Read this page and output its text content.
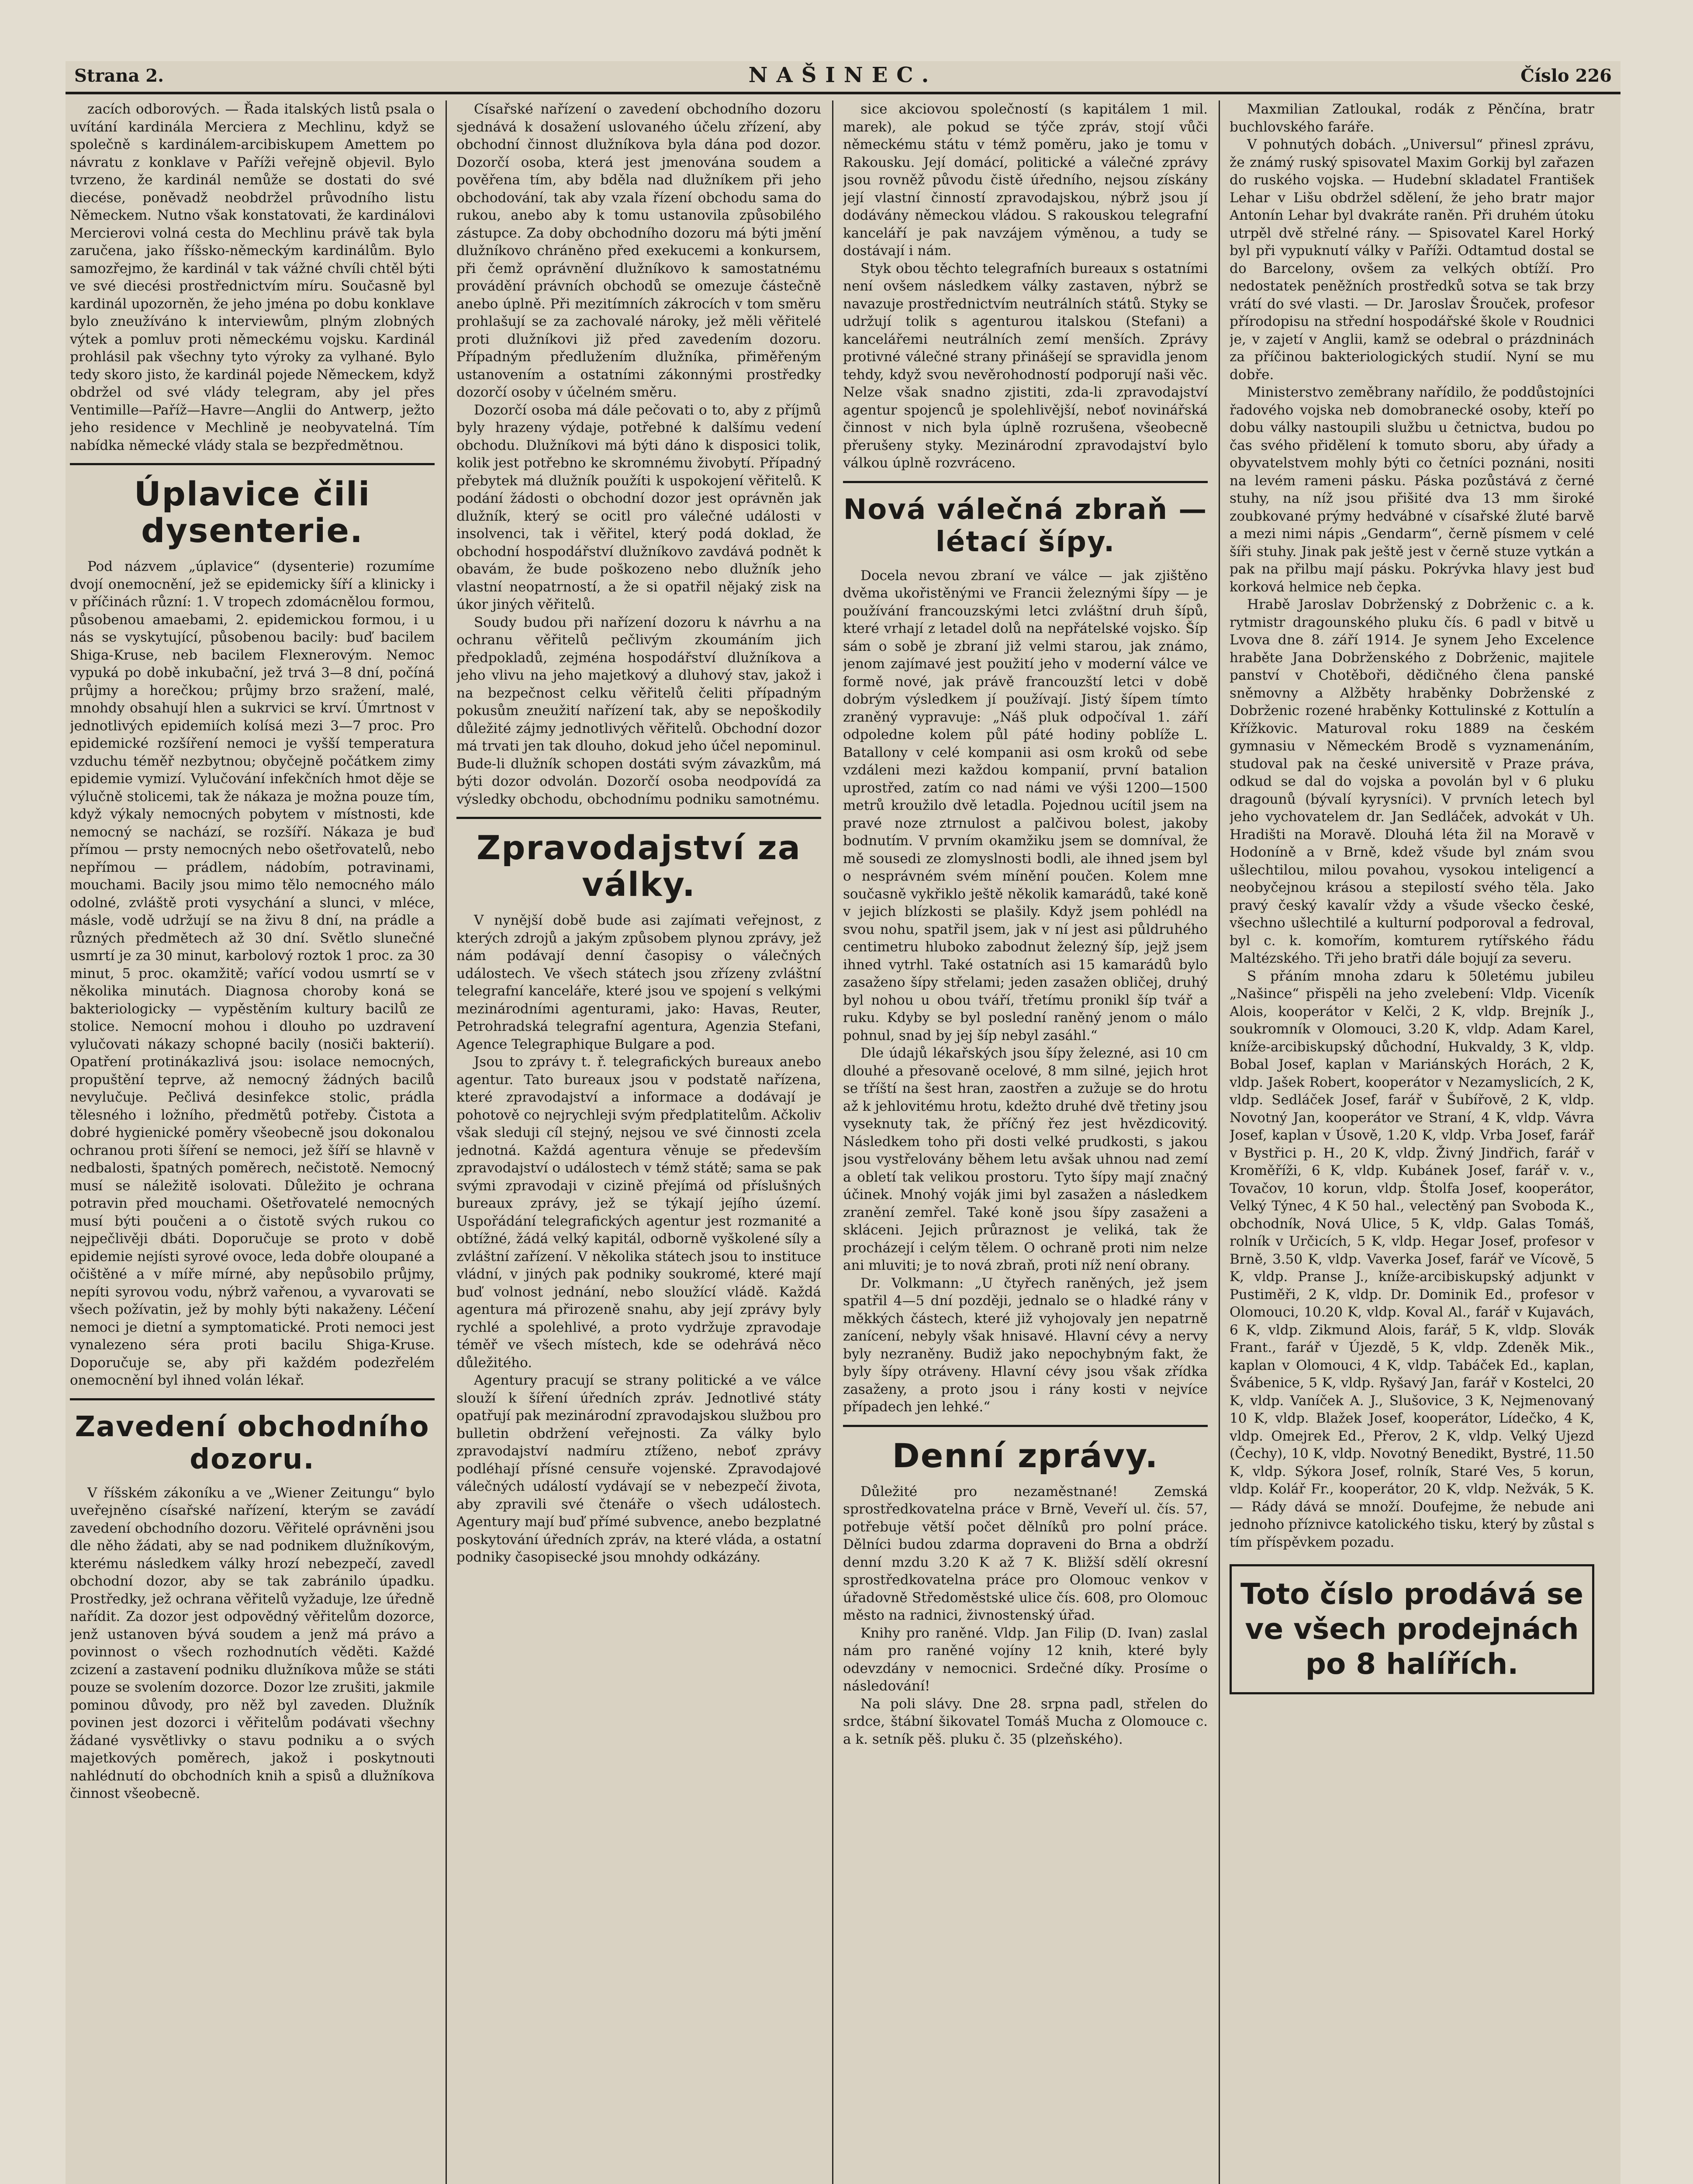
Strana 2.	NAŠINEC.	Číslo 226

zacích odborových. — Řada italských listů psala o uvítání kardinála Merciera z Mechlinu, když se společně s kardinálem-arcibiskupem Amettem po návratu z konklave v Paříži veřejně objevil. Bylo tvrzeno, že kardinál nemůže se dostati do své diecése, poněvadž neobdržel průvodního listu Německem. Nutno však konstatovati, že kardinálovi Mercierovi volná cesta do Mechlinu právě tak byla zaručena, jako říšsko-německým kardinálům. Bylo samozřejmo, že kardinál v tak vážné chvíli chtěl býti ve své diecési prostřednictvím míru. Současně byl kardinál upozorněn, že jeho jména po dobu konklave bylo zneužíváno k interviewům, plným zlobných výtek a pomluv proti německému vojsku. Kardinál prohlásil pak všechny tyto výroky za vylhané. Bylo tedy skoro jisto, že kardinál pojede Německem, když obdržel od své vlády telegram, aby jel přes Ventimille—Paříž—Havre—Anglii do Antwerp, ježto jeho residence v Mechlině je neobyvatelná. Tím nabídka německé vlády stala se bezpředmětnou.

Úplavice čili dysenterie.

Pod názvem „úplavice“ (dysenterie) rozumíme dvojí onemocnění, jež se epidemicky šíří a klinicky i v příčinách různí: 1. V tropech zdomácnělou formou, působenou amaebami, 2. epidemickou formou, i u nás se vyskytující, působenou bacily: buď bacilem Shiga-Kruse, neb bacilem Flexnerovým. Nemoc vypuká po době inkubační, jež trvá 3—8 dní, počíná průjmy a horečkou; průjmy brzo sražení, malé, mnohdy obsahují hlen a sukrvici se krví. Úmrtnost v jednotlivých epidemiích kolísá mezi 3—7 proc. Pro epidemické rozšíření nemoci je vyšší temperatura vzduchu téměř nezbytnou; obyčejně počátkem zimy epidemie vymizí. Vylučování infekčních hmot děje se výlučně stolicemi, tak že nákaza je možna pouze tím, když výkaly nemocných pobytem v místnosti, kde nemocný se nachází, se rozšíří. Nákaza je buď přímou — prsty nemocných nebo ošetřovatelů, nebo nepřímou — prádlem, nádobím, potravinami, mouchami. Bacily jsou mimo tělo nemocného málo odolné, zvláště proti vysychání a slunci, v mléce, másle, vodě udržují se na živu 8 dní, na prádle a různých předmětech až 30 dní. Světlo slunečné usmrtí je za 30 minut, karbolový roztok 1 proc. za 30 minut, 5 proc. okamžitě; vařící vodou usmrtí se v několika minutách. Diagnosa choroby koná se bakteriologicky — vypěstěním kultury bacilů ze stolice. Nemocní mohou i dlouho po uzdravení vylučovati nákazy schopné bacily (nosiči bakterií). Opatření protinákazlivá jsou: isolace nemocných, propuštění teprve, až nemocný žádných bacilů nevylučuje. Pečlivá desinfekce stolic, prádla tělesného i ložního, předmětů potřeby. Čistota a dobré hygienické poměry všeobecně jsou dokonalou ochranou proti šíření se nemoci, jež šíří se hlavně v nedbalosti, špatných poměrech, nečistotě. Nemocný musí se náležitě isolovati. Důležito je ochrana potravin před mouchami. Ošetřovatelé nemocných musí býti poučeni a o čistotě svých rukou co nejpečlivěji dbáti. Doporučuje se proto v době epidemie nejísti syrové ovoce, leda dobře oloupané a očištěné a v míře mírné, aby nepůsobilo průjmy, nepíti syrovou vodu, nýbrž vařenou, a vyvarovati se všech požívatin, jež by mohly býti nakaženy. Léčení nemoci je dietní a symptomatické. Proti nemoci jest vynalezeno séra proti bacilu Shiga-Kruse. Doporučuje se, aby při každém podezřelém onemocnění byl ihned volán lékař.

Zavedení obchodního dozoru.

V říšském zákoníku a ve „Wiener Zeitungu“ bylo uveřejněno císařské nařízení, kterým se zavádí zavedení obchodního dozoru. Věřitelé oprávněni jsou dle něho žádati, aby se nad podnikem dlužníkovým, kterému následkem války hrozí nebezpečí, zavedl obchodní dozor, aby se tak zabránilo úpadku. Prostředky, jež ochrana věřitelů vyžaduje, lze úředně nařídit. Za dozor jest odpovědný věřitelům dozorce, jenž ustanoven bývá soudem a jenž má právo a povinnost o všech rozhodnutích věděti. Každé zcizení a zastavení podniku dlužníkova může se státi pouze se svolením dozorce. Dozor lze zrušiti, jakmile pominou důvody, pro něž byl zaveden. Dlužník povinen jest dozorci i věřitelům podávati všechny žádané vysvětlivky o stavu podniku a o svých majetkových poměrech, jakož i poskytnouti nahlédnutí do obchodních knih a spisů a dlužníkova činnost všeobecně.

Císařské nařízení o zavedení obchodního dozoru sjednává k dosažení uslovaného účelu zřízení, aby obchodní činnost dlužníkova byla dána pod dozor. Dozorčí osoba, která jest jmenována soudem a pověřena tím, aby bděla nad dlužníkem při jeho obchodování, tak aby vzala řízení obchodu sama do rukou, anebo aby k tomu ustanovila způsobilého zástupce. Za doby obchodního dozoru má býti jmění dlužníkovo chráněno před exekucemi a konkursem, při čemž oprávnění dlužníkovo k samostatnému provádění právních obchodů se omezuje částečně anebo úplně. Při mezitímních zákrocích v tom směru prohlašují se za zachovalé nároky, jež měli věřitelé proti dlužníkovi již před zavedením dozoru. Případným předlužením dlužníka, přiměřeným ustanovením a ostatními zákonnými prostředky dozorčí osoby v účelném směru.

Dozorčí osoba má dále pečovati o to, aby z příjmů byly hrazeny výdaje, potřebné k dalšímu vedení obchodu. Dlužníkovi má býti dáno k disposici tolik, kolik jest potřebno ke skromnému živobytí. Případný přebytek má dlužník použíti k uspokojení věřitelů. K podání žádosti o obchodní dozor jest oprávněn jak dlužník, který se ocitl pro válečné události v insolvenci, tak i věřitel, který podá doklad, že obchodní hospodářství dlužníkovo zavdává podnět k obavám, že bude poškozeno nebo dlužník jeho vlastní neopatrností, a že si opatřil nějaký zisk na úkor jiných věřitelů.

Soudy budou při nařízení dozoru k návrhu a na ochranu věřitelů pečlivým zkoumáním jich předpokladů, zejména hospodářství dlužníkova a jeho vlivu na jeho majetkový a dluhový stav, jakož i na bezpečnost celku věřitelů čeliti případným pokusům zneužití nařízení tak, aby se nepoškodily důležité zájmy jednotlivých věřitelů. Obchodní dozor má trvati jen tak dlouho, dokud jeho účel nepominul. Bude-li dlužník schopen dostáti svým závazkům, má býti dozor odvolán. Dozorčí osoba neodpovídá za výsledky obchodu, obchodnímu podniku samotnému.

Zpravodajství za války.

V nynější době bude asi zajímati veřejnost, z kterých zdrojů a jakým způsobem plynou zprávy, jež nám podávají denní časopisy o válečných událostech. Ve všech státech jsou zřízeny zvláštní telegrafní kanceláře, které jsou ve spojení s velkými mezinárodními agenturami, jako: Havas, Reuter, Petrohradská telegrafní agentura, Agenzia Stefani, Agence Telegraphique Bulgare a pod.

Jsou to zprávy t. ř. telegrafických bureaux anebo agentur. Tato bureaux jsou v podstatě nařízena, které zpravodajství a informace a dodávají je pohotově co nejrychleji svým předplatitelům. Ačkoliv však sleduji cíl stejný, nejsou ve své činnosti zcela jednotná. Každá agentura věnuje se především zpravodajství o událostech v témž státě; sama se pak svými zpravodaji v cizině přejímá od příslušných bureaux zprávy, jež se týkají jejího území. Uspořádání telegrafických agentur jest rozmanité a obtížné, žádá velký kapitál, odborně vyškolené síly a zvláštní zařízení. V několika státech jsou to instituce vládní, v jiných pak podniky soukromé, které mají buď volnost jednání, nebo sloužící vládě. Každá agentura má přirozeně snahu, aby její zprávy byly rychlé a spolehlivé, a proto vydržuje zpravodaje téměř ve všech místech, kde se odehrává něco důležitého.

Agentury pracují se strany politické a ve válce slouží k šíření úředních zpráv. Jednotlivé státy opatřují pak mezinárodní zpravodajskou službou pro bulletin obdržení veřejnosti. Za války bylo zpravodajství nadmíru ztíženo, neboť zprávy podléhají přísné censuře vojenské. Zpravodajové válečných událostí vydávají se v nebezpečí života, aby zpravili své čtenáře o všech událostech. Agentury mají buď přímé subvence, anebo bezplatné poskytování úředních zpráv, na které vláda, a ostatní podniky časopisecké jsou mnohdy odkázány.

sice akciovou společností (s kapitálem 1 mil. marek), ale pokud se týče zpráv, stojí vůči německému státu v témž poměru, jako je tomu v Rakousku. Její domácí, politické a válečné zprávy jsou rovněž původu čistě úředního, nejsou získány její vlastní činností zpravodajskou, nýbrž jsou jí dodávány německou vládou. S rakouskou telegrafní kanceláří je pak navzájem výměnou, a tudy se dostávají i nám.

Styk obou těchto telegrafních bureaux s ostatními není ovšem následkem války zastaven, nýbrž se navazuje prostřednictvím neutrálních států. Styky se udržují tolik s agenturou italskou (Stefani) a kancelářemi neutrálních zemí menších. Zprávy protivné válečné strany přinášejí se spravidla jenom tehdy, když svou nevěrohodností podporují naši věc. Nelze však snadno zjistiti, zda-li zpravodajství agentur spojenců je spolehlivější, neboť novinářská činnost v nich byla úplně rozrušena, všeobecně přerušeny styky. Mezinárodní zpravodajství bylo válkou úplně rozvráceno.

Nová válečná zbraň — létací šípy.

Docela nevou zbraní ve válce — jak zjištěno dvěma ukořistěnými ve Francii železnými šípy — je používání francouzskými letci zvláštní druh šípů, které vrhají z letadel dolů na nepřátelské vojsko. Šíp sám o sobě je zbraní již velmi starou, jak známo, jenom zajímavé jest použití jeho v moderní válce ve formě nové, jak právě francouzští letci v době dobrým výsledkem jí používají. Jistý šípem tímto zraněný vypravuje: „Náš pluk odpočíval 1. září odpoledne kolem půl páté hodiny poblíže L. Batallony v celé kompanii asi osm kroků od sebe vzdáleni mezi každou kompanií, první batalion uprostřed, zatím co nad námi ve výši 1200—1500 metrů kroužilo dvě letadla. Pojednou ucítil jsem na pravé noze ztrnulost a palčivou bolest, jakoby bodnutím. V prvním okamžiku jsem se domníval, že mě sousedi ze zlomyslnosti bodli, ale ihned jsem byl o nesprávném svém mínění poučen. Kolem mne současně vykřiklo ještě několik kamarádů, také koně v jejich blízkosti se plašily. Když jsem pohlédl na svou nohu, spatřil jsem, jak v ní jest asi půldruhého centimetru hluboko zabodnut železný šíp, jejž jsem ihned vytrhl. Také ostatních asi 15 kamarádů bylo zasaženo šípy střelami; jeden zasažen obličej, druhý byl nohou u obou tváří, třetímu pronikl šíp tvář a ruku. Kdyby se byl poslední raněný jenom o málo pohnul, snad by jej šíp nebyl zasáhl.“

Dle údajů lékařských jsou šípy železné, asi 10 cm dlouhé a přesovaně ocelové, 8 mm silné, jejich hrot se tříští na šest hran, zaostřen a zužuje se do hrotu až k jehlovitému hrotu, kdežto druhé dvě třetiny jsou vyseknuty tak, že příčný řez jest hvězdicovitý. Následkem toho při dosti velké prudkosti, s jakou jsou vystřelovány během letu avšak uhnou nad zemí a obletí tak velikou prostoru. Tyto šípy mají značný účinek. Mnohý voják jimi byl zasažen a následkem zranění zemřel. Také koně jsou šípy zasaženi a skláceni. Jejich průraznost je veliká, tak že procházejí i celým tělem. O ochraně proti nim nelze ani mluviti; je to nová zbraň, proti níž není obrany.

Dr. Volkmann: „U čtyřech raněných, jež jsem spatřil 4—5 dní později, jednalo se o hladké rány v měkkých částech, které již vyhojovaly jen nepatrně zanícení, nebyly však hnisavé. Hlavní cévy a nervy byly nezraněny. Budiž jako nepochybným fakt, že byly šípy otráveny. Hlavní cévy jsou však zřídka zasaženy, a proto jsou i rány kosti v nejvíce případech jen lehké.“

Denní zprávy.

Důležité pro nezaměstnané! Zemská sprostředkovatelna práce v Brně, Veveří ul. čís. 57, potřebuje větší počet dělníků pro polní práce. Dělníci budou zdarma dopraveni do Brna a obdrží denní mzdu 3.20 K až 7 K. Bližší sdělí okresní sprostředkovatelna práce pro Olomouc venkov v úřadovně Středoměstské ulice čís. 608, pro Olomouc město na radnici, živnostenský úřad.

Knihy pro raněné. Vldp. Jan Filip (D. Ivan) zaslal nám pro raněné vojíny 12 knih, které byly odevzdány v nemocnici. Srdečné díky. Prosíme o následování!

Na poli slávy. Dne 28. srpna padl, střelen do srdce, štábní šikovatel Tomáš Mucha z Olomouce c. a k. setník pěš. pluku č. 35 (plzeňského).

Maxmilian Zatloukal, rodák z Pěnčína, bratr buchlovského faráře.

V pohnutých dobách. „Universul“ přinesl zprávu, že známý ruský spisovatel Maxim Gorkij byl zařazen do ruského vojska. — Hudební skladatel František Lehar v Lišu obdržel sdělení, že jeho bratr major Antonín Lehar byl dvakráte raněn. Při druhém útoku utrpěl dvě střelné rány. — Spisovatel Karel Horký byl při vypuknutí války v Paříži. Odtamtud dostal se do Barcelony, ovšem za velkých obtíží. Pro nedostatek peněžních prostředků sotva se tak brzy vrátí do své vlasti. — Dr. Jaroslav Šrouček, profesor přírodopisu na střední hospodářské škole v Roudnici je, v zajetí v Anglii, kamž se odebral o prázdninách za příčinou bakteriologických studií. Nyní se mu dobře.

Ministerstvo zeměbrany nařídilo, že poddůstojníci řadového vojska neb domobranecké osoby, kteří po dobu války nastoupili službu u četnictva, budou po čas svého přidělení k tomuto sboru, aby úřady a obyvatelstvem mohly býti co četníci poznáni, nositi na levém rameni pásku. Páska pozůstává z černé stuhy, na níž jsou přišité dva 13 mm široké zoubkované prýmy hedvábné v císařské žluté barvě a mezi nimi nápis „Gendarm“, černě písmem v celé šíři stuhy. Jinak pak ještě jest v černě stuze vytkán a pak na přilbu mají pásku. Pokrývka hlavy jest buď korková helmice neb čepka.

Hrabě Jaroslav Dobrženský z Dobrženic c. a k. rytmistr dragounského pluku čís. 6 padl v bitvě u Lvova dne 8. září 1914. Je synem Jeho Excelence hraběte Jana Dobrženského z Dobrženic, majitele panství v Chotěboři, dědičného člena panské sněmovny a Alžběty hraběnky Dobrženské z Dobrženic rozené hraběnky Kottulinské z Kottulín a Křížkovic. Maturoval roku 1889 na českém gymnasiu v Německém Brodě s vyznamenáním, studoval pak na české universitě v Praze práva, odkud se dal do vojska a povolán byl v 6 pluku dragounů (bývalí kyrysníci). V prvních letech byl jeho vychovatelem dr. Jan Sedláček, advokát v Uh. Hradišti na Moravě. Dlouhá léta žil na Moravě v Hodoníně a v Brně, kdež všude byl znám svou ušlechtilou, milou povahou, vysokou inteligencí a neobyčejnou krásou a stepilostí svého těla. Jako pravý český kavalír vždy a všude všecko české, všechno ušlechtilé a kulturní podporoval a fedroval, byl c. k. komořím, komturem rytířského řádu Maltézského. Tři jeho bratři dále bojují za severu.

S přáním mnoha zdaru k 50letému jubileu „Našince“ přispěli na jeho zvelebení: Vldp. Viceník Alois, kooperátor v Kelči, 2 K, vldp. Brejník J., soukromník v Olomouci, 3.20 K, vldp. Adam Karel, kníže-arcibiskupský důchodní, Hukvaldy, 3 K, vldp. Bobal Josef, kaplan v Mariánských Horách, 2 K, vldp. Jašek Robert, kooperátor v Nezamyslicích, 2 K, vldp. Sedláček Josef, farář v Šubířově, 2 K, vldp. Novotný Jan, kooperátor ve Straní, 4 K, vldp. Vávra Josef, kaplan v Úsově, 1.20 K, vldp. Vrba Josef, farář v Bystřici p. H., 20 K, vldp. Živný Jindřich, farář v Kroměříži, 6 K, vldp. Kubánek Josef, farář v. v., Tovačov, 10 korun, vldp. Štolfa Josef, kooperátor, Velký Týnec, 4 K 50 hal., velectěný pan Svoboda K., obchodník, Nová Ulice, 5 K, vldp. Galas Tomáš, rolník v Určicích, 5 K, vldp. Hegar Josef, profesor v Brně, 3.50 K, vldp. Vaverka Josef, farář ve Vícově, 5 K, vldp. Pranse J., kníže-arcibiskupský adjunkt v Pustiměři, 2 K, vldp. Dr. Dominik Ed., profesor v Olomouci, 10.20 K, vldp. Koval Al., farář v Kujavách, 6 K, vldp. Zikmund Alois, farář, 5 K, vldp. Slovák Frant., farář v Újezdě, 5 K, vldp. Zdeněk Mik., kaplan v Olomouci, 4 K, vldp. Tabáček Ed., kaplan, Švábenice, 5 K, vldp. Ryšavý Jan, farář v Kostelci, 20 K, vldp. Vaníček A. J., Slušovice, 3 K, Nejmenovaný 10 K, vldp. Blažek Josef, kooperátor, Lídečko, 4 K, vldp. Omejrek Ed., Přerov, 2 K, vldp. Velký Ujezd (Čechy), 10 K, vldp. Novotný Benedikt, Bystré, 11.50 K, vldp. Sýkora Josef, rolník, Staré Ves, 5 korun, vldp. Kolář Fr., kooperátor, 20 K, vldp. Nežvák, 5 K. — Rády dává se množí. Doufejme, že nebude ani jednoho příznivce katolického tisku, který by zůstal s tím příspěvkem pozadu.

Toto číslo prodává se ve všech prodejnách po 8 halířích.
